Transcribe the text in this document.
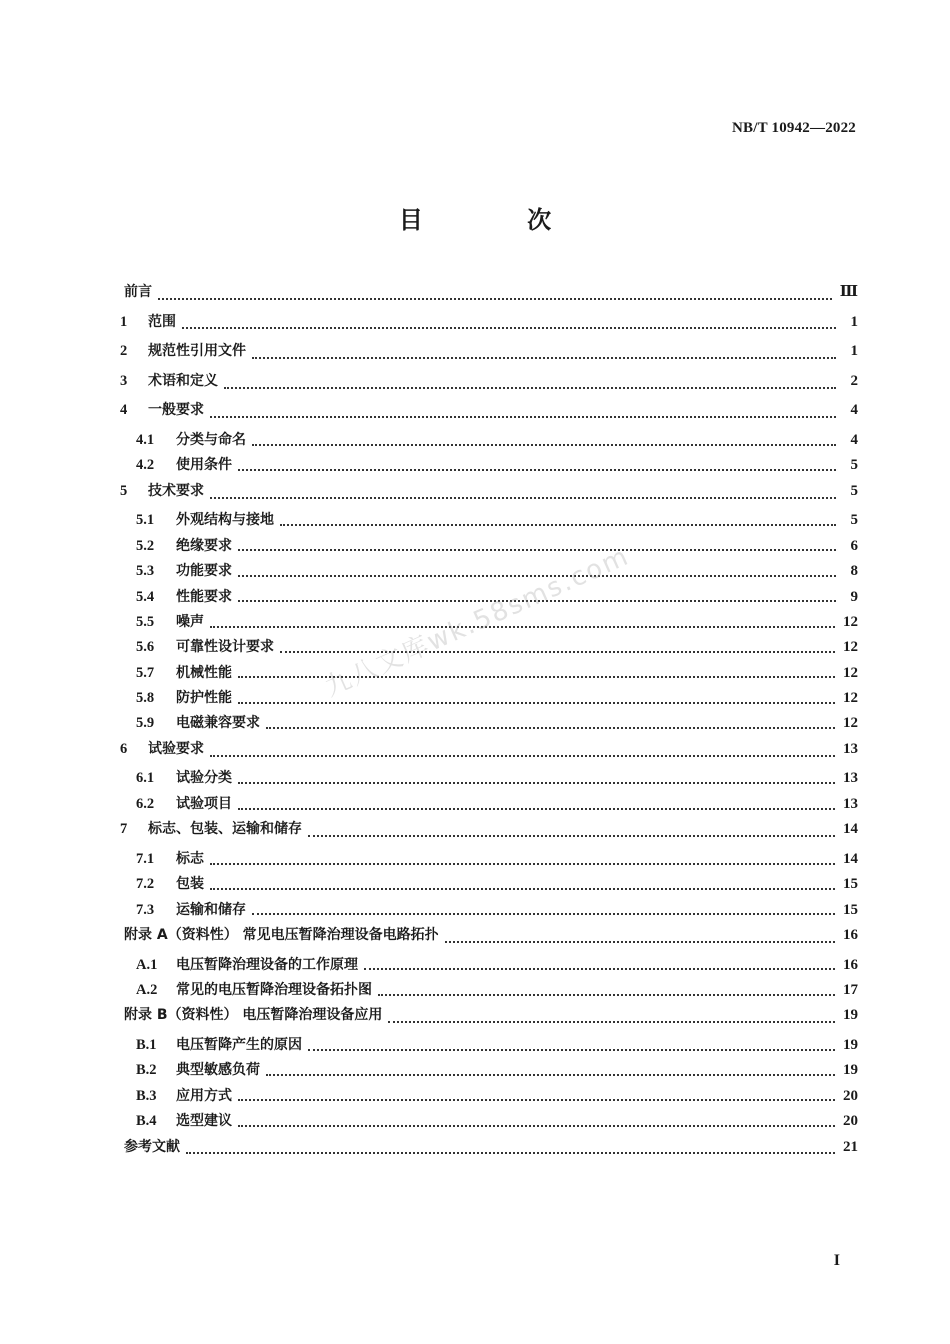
NB/T 10942—2022
目 次
前言	Ⅲ
1	范围	1
2	规范性引用文件	1
3	术语和定义	2
4	一般要求	4
4.1	分类与命名	4
4.2	使用条件	5
5	技术要求	5
5.1	外观结构与接地	5
5.2	绝缘要求	6
5.3	功能要求	8
5.4	性能要求	9
5.5	噪声	12
5.6	可靠性设计要求	12
5.7	机械性能	12
5.8	防护性能	12
5.9	电磁兼容要求	12
6	试验要求	13
6.1	试验分类	13
6.2	试验项目	13
7	标志、包装、运输和储存	14
7.1	标志	14
7.2	包装	15
7.3	运输和储存	15
附录 A（资料性） 常见电压暂降治理设备电路拓扑	16
A.1	电压暂降治理设备的工作原理	16
A.2	常见的电压暂降治理设备拓扑图	17
附录 B（资料性） 电压暂降治理设备应用	19
B.1	电压暂降产生的原因	19
B.2	典型敏感负荷	19
B.3	应用方式	20
B.4	选型建议	20
参考文献	21
九八文库wk.58sms.com
I
